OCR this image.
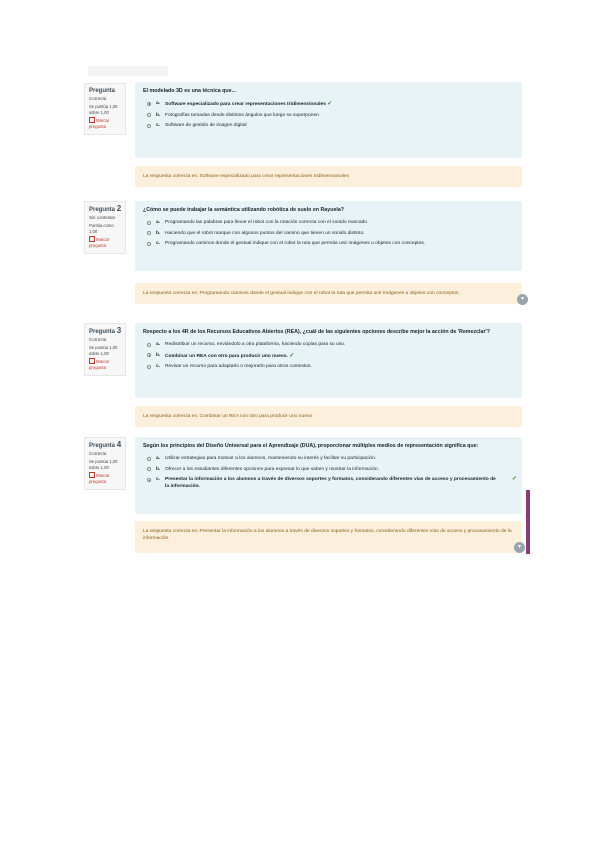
Pregunta
Correcta
Se puntúa 1,00 sobre 1,00
Marcar pregunta
El modelado 3D es una técnica que...
a. Software especializado para crear representaciones tridimensionales ✓
b. Fotografías tomadas desde distintos ángulos que luego se superponen
c. Software de gestión de imagen digital
La respuesta correcta es: Software especializado para crear representaciones tridimensionales
Pregunta 2
Sin contestar
Puntúa como 1,00
Marcar pregunta
¿Cómo se puede trabajar la semántica utilizando robótica de suelo en Rayuela?
a. Programando las palabras para llevar el robot con la rotación correcta con el sonido marcado
b. Haciendo que el robot marque con algunos puntos del camino que tienen un sonido distinto.
c. Programando caminos donde el gestual indique con el robot la ruta que permita unir imágenes u objetos con conceptos.
La respuesta correcta es: Programando caminos donde el gestual indique con el robot la ruta que permita unir imágenes u objetos con conceptos.
▾
Pregunta 3
Correcta
Se puntúa 1,00 sobre 1,00
Marcar pregunta
Respecto a los 4R de los Recursos Educativos Abiertos (REA), ¿cuál de las siguientes opciones describe mejor la acción de 'Remezclar'?
a. Redistribuir un recurso, enviándolo a otra plataforma, haciendo copias para su uso.
b. Combinar un REA con otro para producir uno nuevo. ✓
c. Revisar un recurso para adaptarlo o mejorarlo para otros contextos.
La respuesta correcta es: Combinar un REA con otro para producir uno nuevo
Pregunta 4
Correcta
Se puntúa 1,00 sobre 1,00
Marcar pregunta
Según los principios del Diseño Universal para el Aprendizaje (DUA), proporcionar múltiples medios de representación significa que:
a. Utilizar estrategias para motivar a los alumnos, manteniendo su interés y facilitar su participación.
b. Ofrecer a los estudiantes diferentes opciones para expresar lo que saben y mostrar la información.
c. Presentar la información a los alumnos a través de diversos soportes y formatos, considerando diferentes vías de acceso y procesamiento de la información.
✓
La respuesta correcta es: Presentar la información a los alumnos a través de diversos soportes y formatos, considerando diferentes vías de acceso y procesamiento de la información.
▾
